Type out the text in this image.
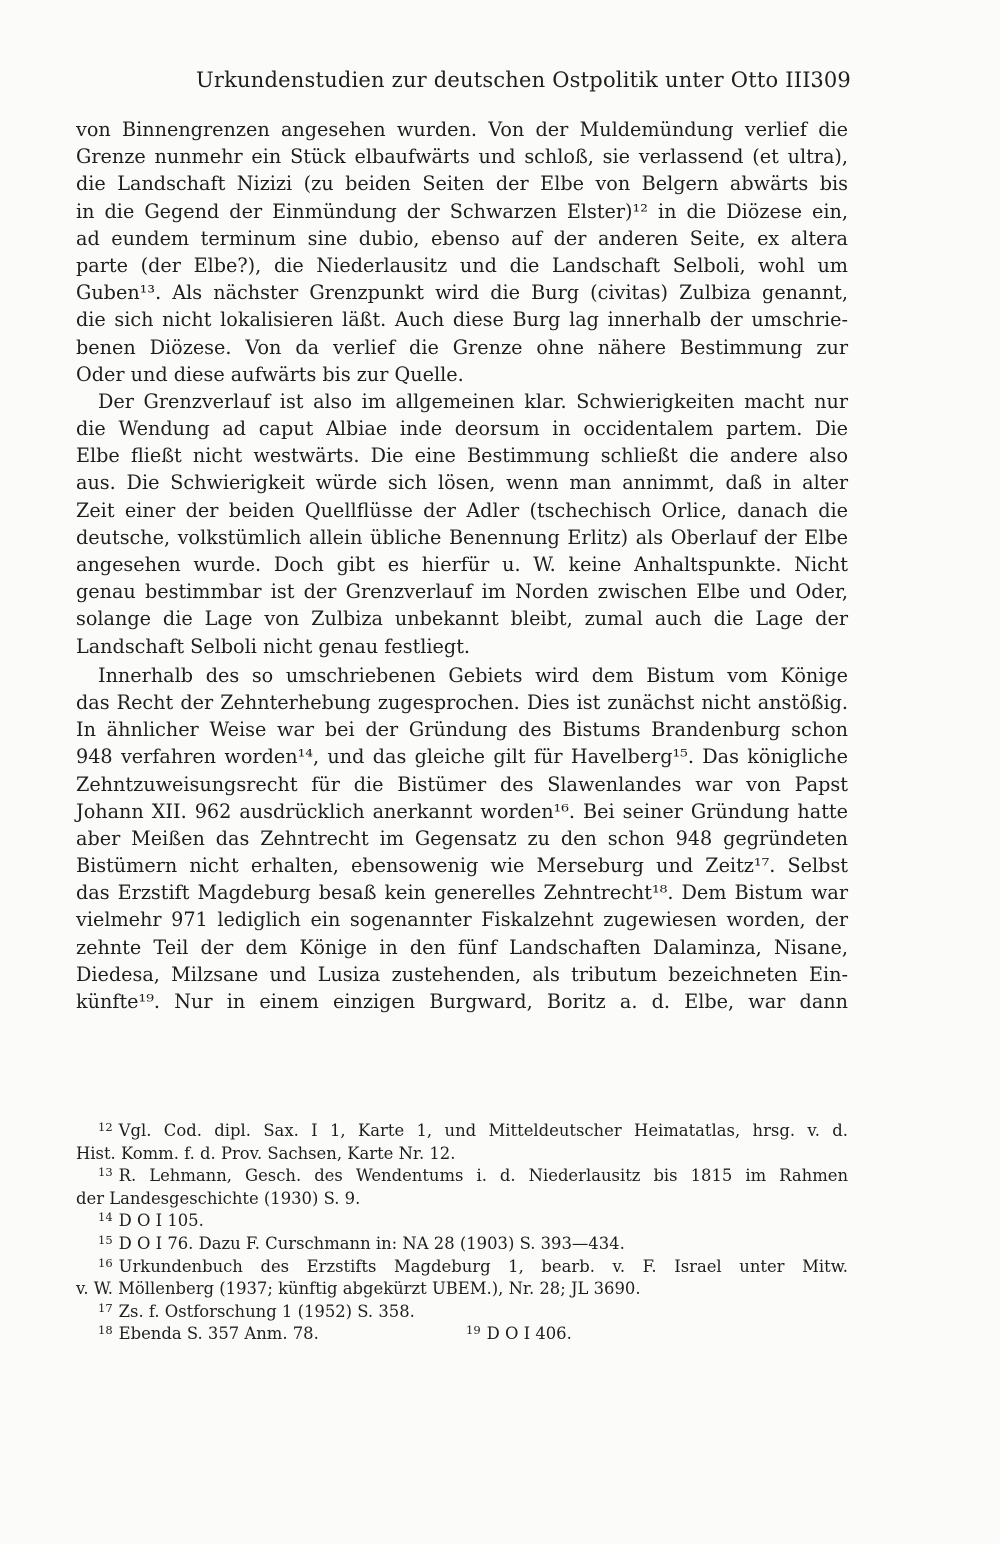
Urkundenstudien zur deutschen Ostpolitik unter Otto III.
309
von Binnengrenzen angesehen wurden. Von der Muldemündung verlief die
Grenze nunmehr ein Stück elbaufwärts und schloß, sie verlassend (et ultra),
die Landschaft Nizizi (zu beiden Seiten der Elbe von Belgern abwärts bis
in die Gegend der Einmündung der Schwarzen Elster)¹² in die Diözese ein,
ad eundem terminum sine dubio, ebenso auf der anderen Seite, ex altera
parte (der Elbe?), die Niederlausitz und die Landschaft Selboli, wohl um
Guben¹³. Als nächster Grenzpunkt wird die Burg (civitas) Zulbiza genannt,
die sich nicht lokalisieren läßt. Auch diese Burg lag innerhalb der umschrie-
benen Diözese. Von da verlief die Grenze ohne nähere Bestimmung zur
Oder und diese aufwärts bis zur Quelle.
Der Grenzverlauf ist also im allgemeinen klar. Schwierigkeiten macht nur
die Wendung ad caput Albiae inde deorsum in occidentalem partem. Die
Elbe fließt nicht westwärts. Die eine Bestimmung schließt die andere also
aus. Die Schwierigkeit würde sich lösen, wenn man annimmt, daß in alter
Zeit einer der beiden Quellflüsse der Adler (tschechisch Orlice, danach die
deutsche, volkstümlich allein übliche Benennung Erlitz) als Oberlauf der Elbe
angesehen wurde. Doch gibt es hierfür u. W. keine Anhaltspunkte. Nicht
genau bestimmbar ist der Grenzverlauf im Norden zwischen Elbe und Oder,
solange die Lage von Zulbiza unbekannt bleibt, zumal auch die Lage der
Landschaft Selboli nicht genau festliegt.
Innerhalb des so umschriebenen Gebiets wird dem Bistum vom Könige
das Recht der Zehnterhebung zugesprochen. Dies ist zunächst nicht anstößig.
In ähnlicher Weise war bei der Gründung des Bistums Brandenburg schon
948 verfahren worden¹⁴, und das gleiche gilt für Havelberg¹⁵. Das königliche
Zehntzuweisungsrecht für die Bistümer des Slawenlandes war von Papst
Johann XII. 962 ausdrücklich anerkannt worden¹⁶. Bei seiner Gründung hatte
aber Meißen das Zehntrecht im Gegensatz zu den schon 948 gegründeten
Bistümern nicht erhalten, ebensowenig wie Merseburg und Zeitz¹⁷. Selbst
das Erzstift Magdeburg besaß kein generelles Zehntrecht¹⁸. Dem Bistum war
vielmehr 971 lediglich ein sogenannter Fiskalzehnt zugewiesen worden, der
zehnte Teil der dem Könige in den fünf Landschaften Dalaminza, Nisane,
Diedesa, Milzsane und Lusiza zustehenden, als tributum bezeichneten Ein-
künfte¹⁹. Nur in einem einzigen Burgward, Boritz a. d. Elbe, war dann
$^{12}$ Vgl. Cod. dipl. Sax. I 1, Karte 1, und Mitteldeutscher Heimatatlas, hrsg. v. d.
Hist. Komm. f. d. Prov. Sachsen, Karte Nr. 12.
$^{13}$ R. Lehmann, Gesch. des Wendentums i. d. Niederlausitz bis 1815 im Rahmen
der Landesgeschichte (1930) S. 9.
$^{14}$ D O I 105.
$^{15}$ D O I 76. Dazu F. Curschmann in: NA 28 (1903) S. 393—434.
$^{16}$ Urkundenbuch des Erzstifts Magdeburg 1, bearb. v. F. Israel unter Mitw.
v. W. Möllenberg (1937; künftig abgekürzt UBEM.), Nr. 28; JL 3690.
$^{17}$ Zs. f. Ostforschung 1 (1952) S. 358.
$^{18}$ Ebenda S. 357 Anm. 78.	$^{19}$ D O I 406.
